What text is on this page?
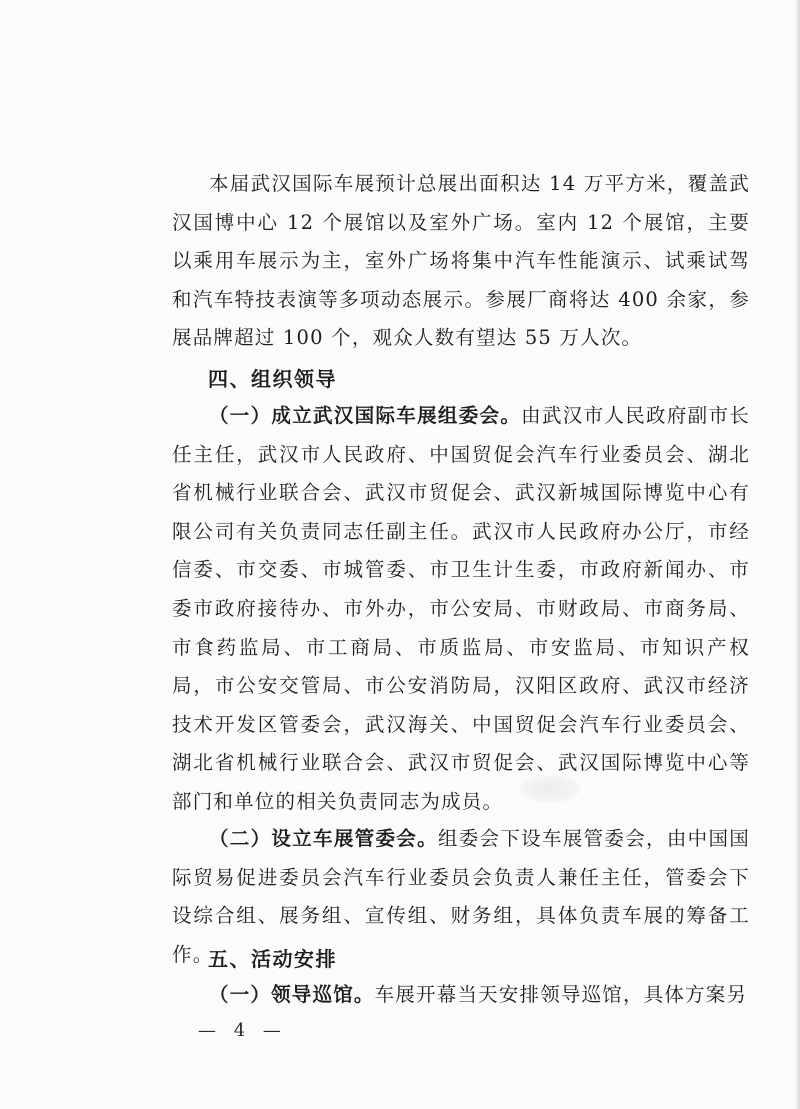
本届武汉国际车展预计总展出面积达 14 万平方米，覆盖武汉国博中心 12 个展馆以及室外广场。室内 12 个展馆，主要以乘用车展示为主，室外广场将集中汽车性能演示、试乘试驾和汽车特技表演等多项动态展示。参展厂商将达 400 余家，参展品牌超过 100 个，观众人数有望达 55 万人次。

四、组织领导

（一）成立武汉国际车展组委会。由武汉市人民政府副市长任主任，武汉市人民政府、中国贸促会汽车行业委员会、湖北省机械行业联合会、武汉市贸促会、武汉新城国际博览中心有限公司有关负责同志任副主任。武汉市人民政府办公厅，市经信委、市交委、市城管委、市卫生计生委，市政府新闻办、市委市政府接待办、市外办，市公安局、市财政局、市商务局、市食药监局、市工商局、市质监局、市安监局、市知识产权局，市公安交管局、市公安消防局，汉阳区政府、武汉市经济技术开发区管委会，武汉海关、中国贸促会汽车行业委员会、湖北省机械行业联合会、武汉市贸促会、武汉国际博览中心等部门和单位的相关负责同志为成员。

（二）设立车展管委会。组委会下设车展管委会，由中国国际贸易促进委员会汽车行业委员会负责人兼任主任，管委会下设综合组、展务组、宣传组、财务组，具体负责车展的筹备工作。

五、活动安排

（一）领导巡馆。车展开幕当天安排领导巡馆，具体方案另

— 4 —
